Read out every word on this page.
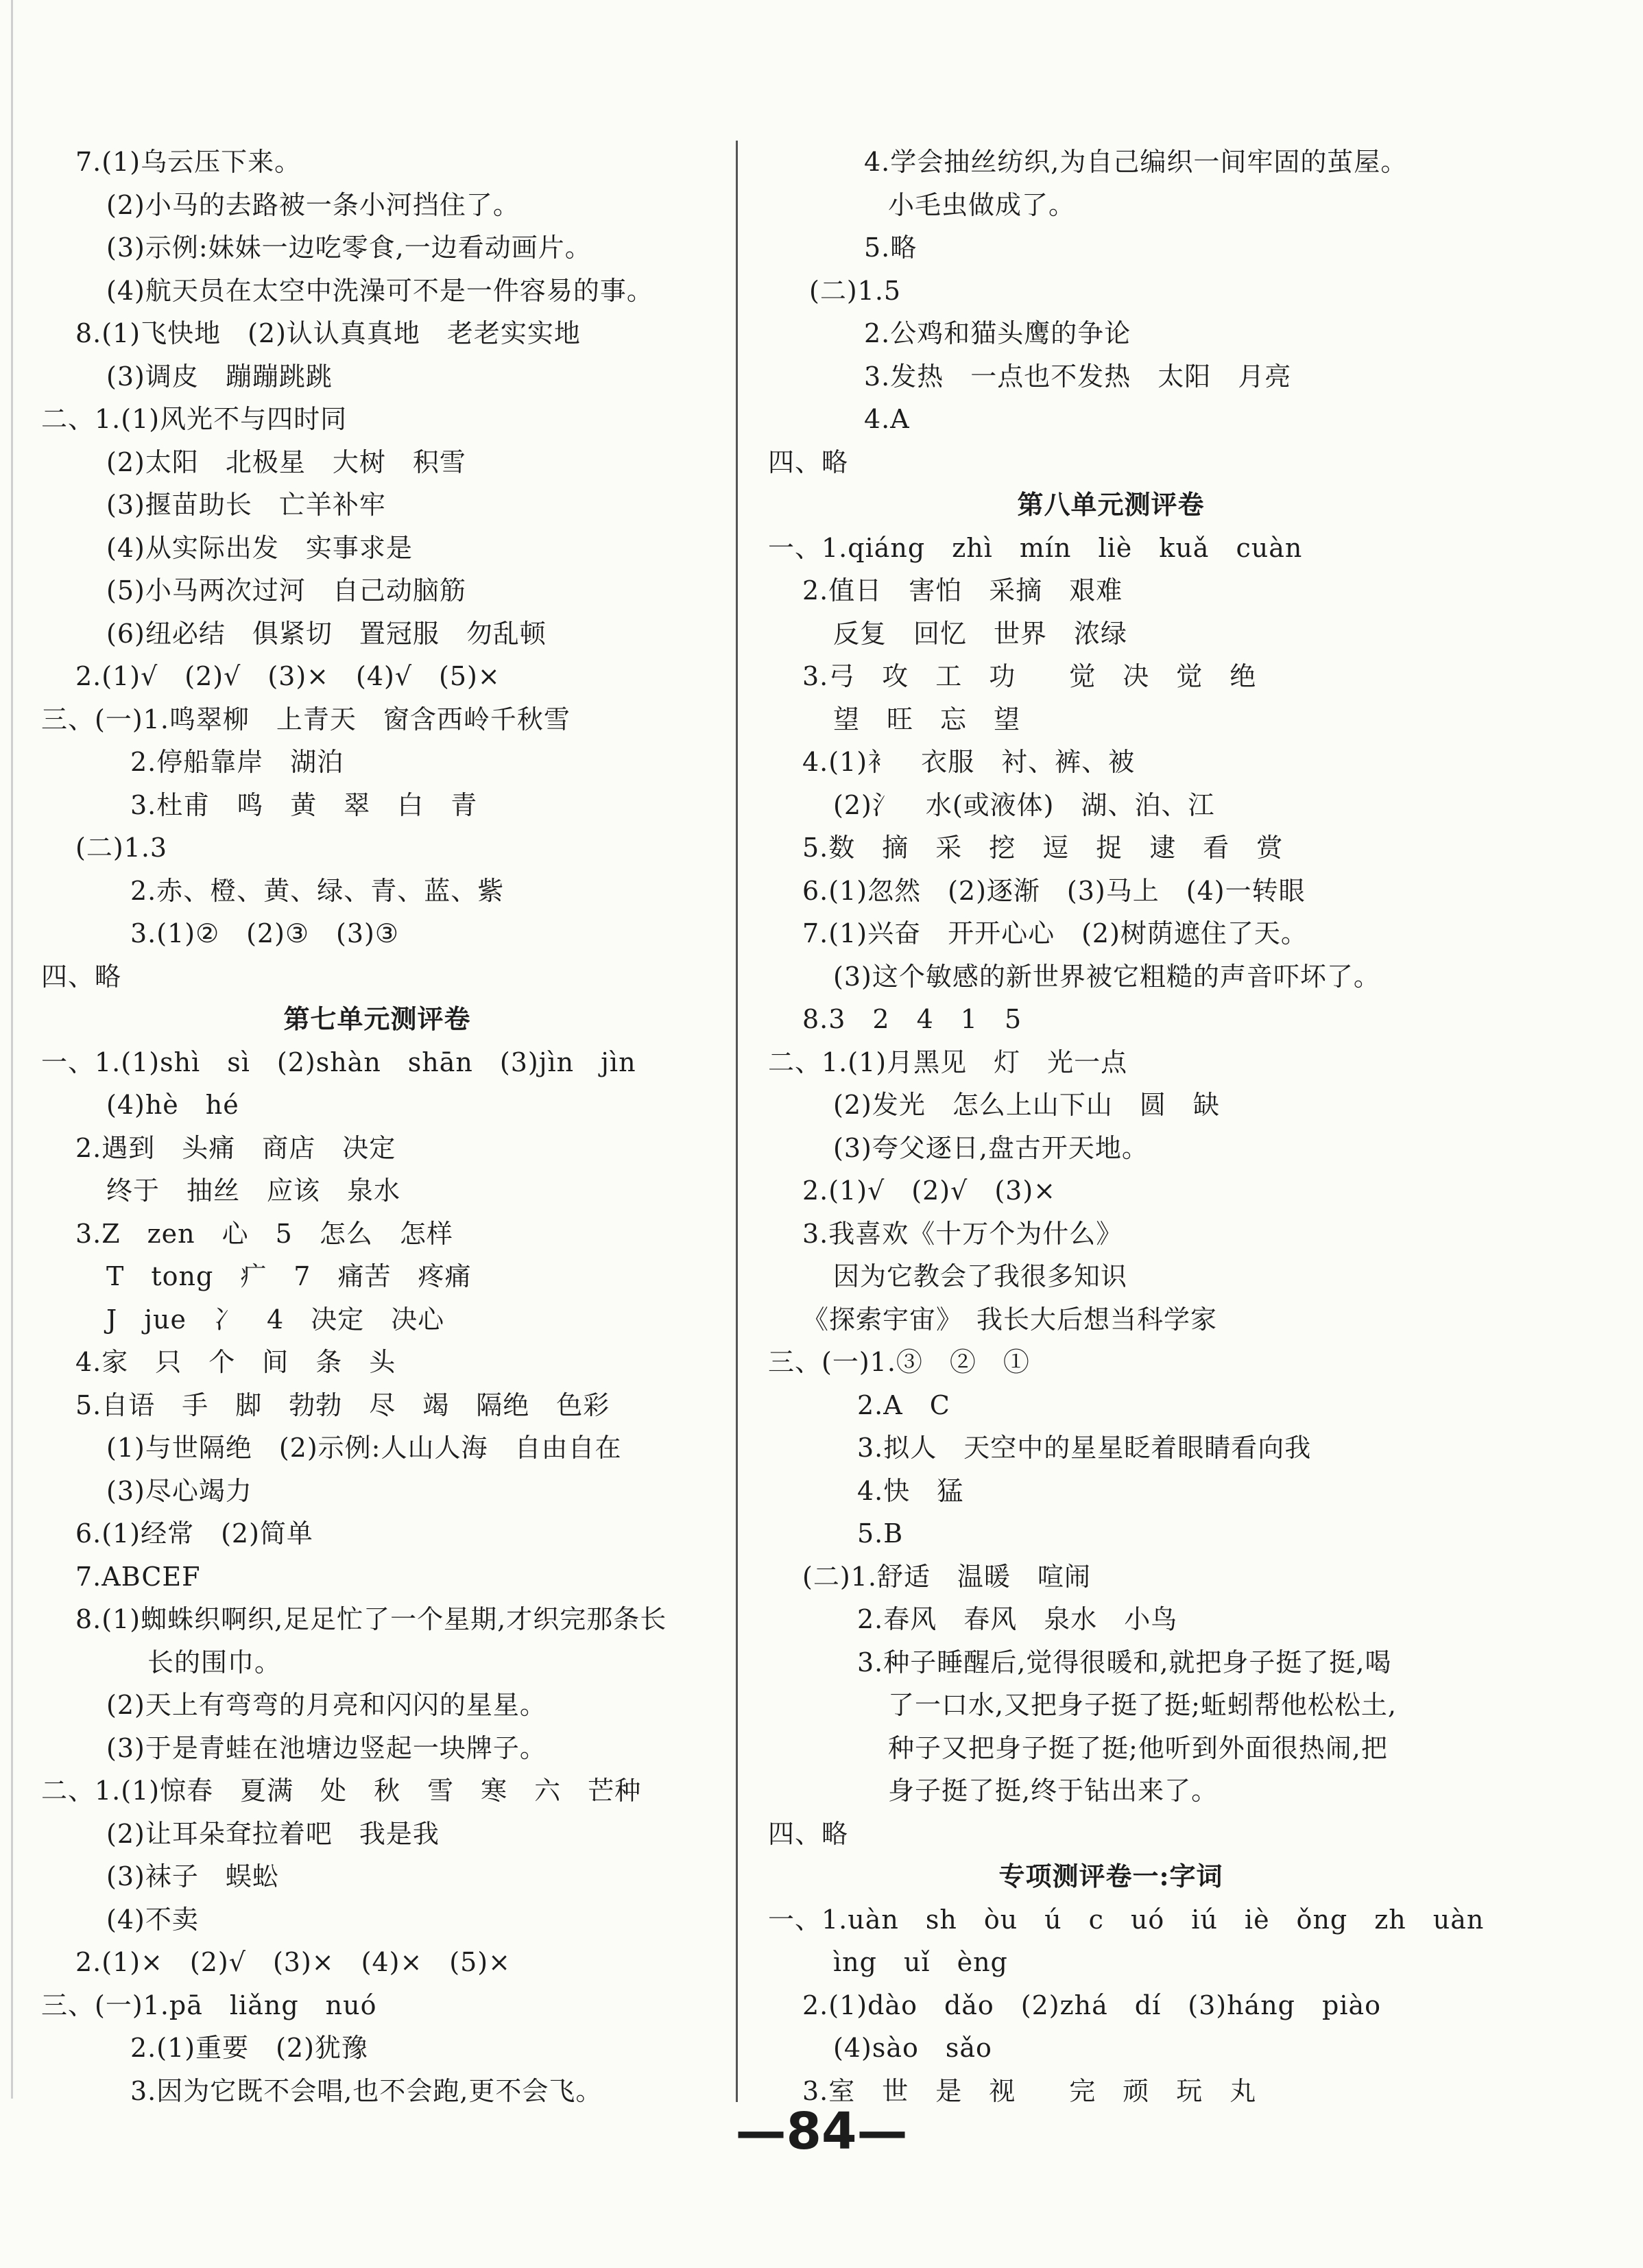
7.(1)乌云压下来。
(2)小马的去路被一条小河挡住了。
(3)示例:妹妹一边吃零食,一边看动画片。
(4)航天员在太空中洗澡可不是一件容易的事。
8.(1)飞快地　(2)认认真真地　老老实实地
(3)调皮　蹦蹦跳跳
二、1.(1)风光不与四时同
(2)太阳　北极星　大树　积雪
(3)揠苗助长　亡羊补牢
(4)从实际出发　实事求是
(5)小马两次过河　自己动脑筋
(6)纽必结　俱紧切　置冠服　勿乱顿
2.(1)√　(2)√　(3)×　(4)√　(5)×
三、(一)1.鸣翠柳　上青天　窗含西岭千秋雪
2.停船靠岸　湖泊
3.杜甫　鸣　黄　翠　白　青
(二)1.3
2.赤、橙、黄、绿、青、蓝、紫
3.(1)②　(2)③　(3)③
四、略
第七单元测评卷
一、1.(1)shì　sì　(2)shàn　shān　(3)jìn　jìn
(4)hè　hé
2.遇到　头痛　商店　决定
终于　抽丝　应该　泉水
3.Z　zen　心　5　怎么　怎样
T　tong　疒　7　痛苦　疼痛
J　jue　冫　4　决定　决心
4.家　只　个　间　条　头
5.自语　手　脚　勃勃　尽　竭　隔绝　色彩
(1)与世隔绝　(2)示例:人山人海　自由自在
(3)尽心竭力
6.(1)经常　(2)简单
7.ABCEF
8.(1)蜘蛛织啊织,足足忙了一个星期,才织完那条长
长的围巾。
(2)天上有弯弯的月亮和闪闪的星星。
(3)于是青蛙在池塘边竖起一块牌子。
二、1.(1)惊春　夏满　处　秋　雪　寒　六　芒种
(2)让耳朵耷拉着吧　我是我
(3)袜子　蜈蚣
(4)不卖
2.(1)×　(2)√　(3)×　(4)×　(5)×
三、(一)1.pā　liǎng　nuó
2.(1)重要　(2)犹豫
3.因为它既不会唱,也不会跑,更不会飞。
4.学会抽丝纺织,为自己编织一间牢固的茧屋。
小毛虫做成了。
5.略
(二)1.5
2.公鸡和猫头鹰的争论
3.发热　一点也不发热　太阳　月亮
4.A
四、略
第八单元测评卷
一、1.qiáng　zhì　mín　liè　kuǎ　cuàn
2.值日　害怕　采摘　艰难
反复　回忆　世界　浓绿
3.弓　攻　工　功　　觉　决　觉　绝
望　旺　忘　望
4.(1)衤　衣服　衬、裤、被
(2)氵　水(或液体)　湖、泊、江
5.数　摘　采　挖　逗　捉　逮　看　赏
6.(1)忽然　(2)逐渐　(3)马上　(4)一转眼
7.(1)兴奋　开开心心　(2)树荫遮住了天。
(3)这个敏感的新世界被它粗糙的声音吓坏了。
8.3　2　4　1　5
二、1.(1)月黑见　灯　光一点
(2)发光　怎么上山下山　圆　缺
(3)夸父逐日,盘古开天地。
2.(1)√　(2)√　(3)×
3.我喜欢《十万个为什么》
因为它教会了我很多知识
《探索宇宙》　我长大后想当科学家
三、(一)1.③　②　①
2.A　C
3.拟人　天空中的星星眨着眼睛看向我
4.快　猛
5.B
(二)1.舒适　温暖　喧闹
2.春风　春风　泉水　小鸟
3.种子睡醒后,觉得很暖和,就把身子挺了挺,喝
了一口水,又把身子挺了挺;蚯蚓帮他松松土,
种子又把身子挺了挺;他听到外面很热闹,把
身子挺了挺,终于钻出来了。
四、略
专项测评卷一:字词
一、1.uàn　sh　òu　ú　c　uó　iú　iè　ǒng　zh　uàn
ìng　uǐ　èng
2.(1)dào　dǎo　(2)zhá　dí　(3)háng　piào
(4)sào　sǎo
3.室　世　是　视　　完　顽　玩　丸
—84—
